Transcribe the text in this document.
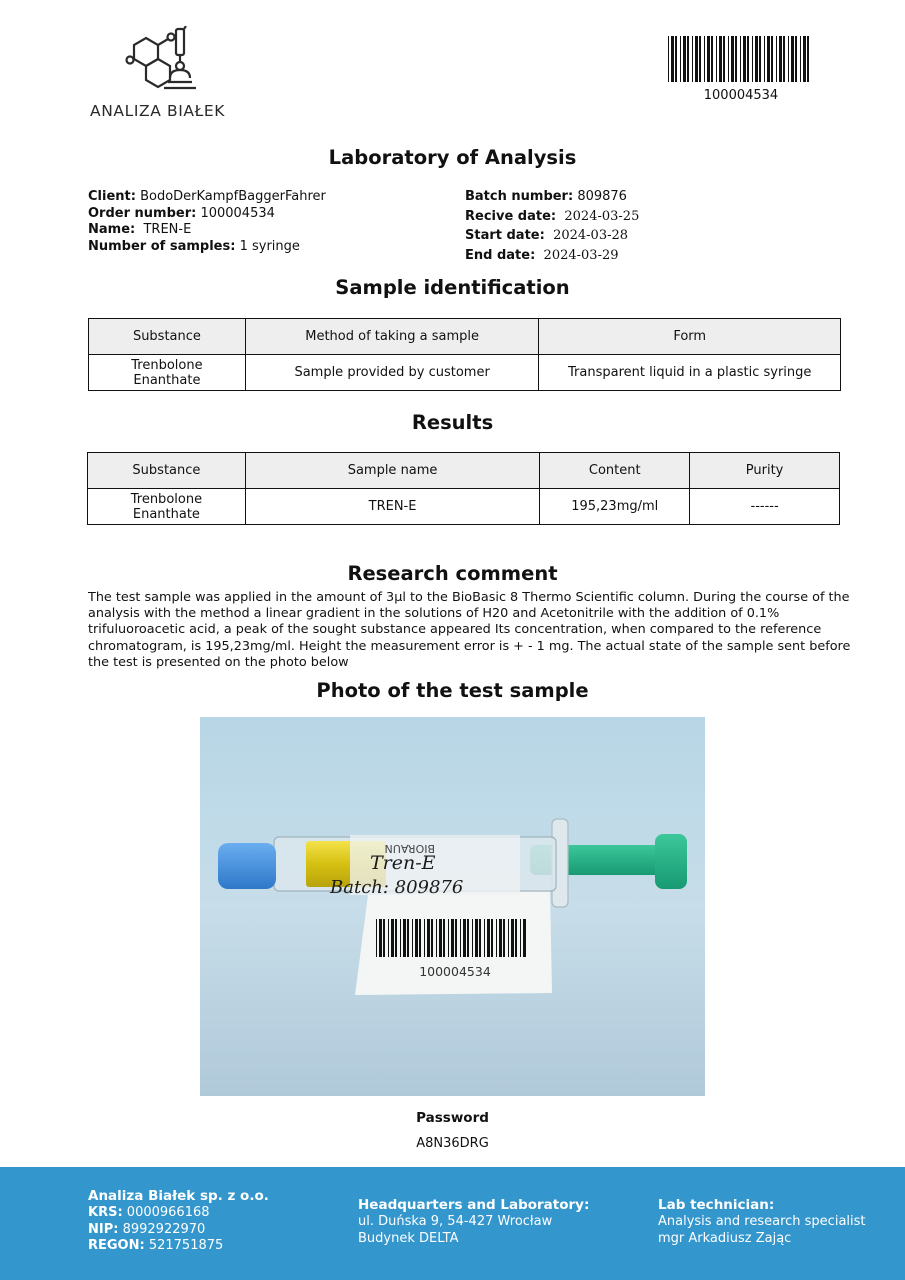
ANALIZA BIAŁEK
100004534
Laboratory of Analysis
Client: BodoDerKampfBaggerFahrer
Order number: 100004534
Name: TREN-E
Number of samples: 1 syringe
Batch number: 809876
Recive date: 2024-03-25
Start date: 2024-03-28
End date: 2024-03-29
Sample identification
Substance	Method of taking a sample	Form
Trenbolone Enanthate	Sample provided by customer	Transparent liquid in a plastic syringe
Results
Substance	Sample name	Content	Purity
Trenbolone Enanthate	TREN-E	195,23mg/ml	------
Research comment
The test sample was applied in the amount of 3µl to the BioBasic 8 Thermo Scientific column. During the course of the analysis with the method a linear gradient in the solutions of H20 and Acetonitrile with the addition of 0.1% trifuluoroacetic acid, a peak of the sought substance appeared Its concentration, when compared to the reference chromatogram, is 195,23mg/ml. Height the measurement error is + - 1 mg. The actual state of the sample sent before the test is presented on the photo below
Photo of the test sample
100004534
BIORAUN
Tren-E
Batch: 809876
Password
A8N36DRG
Analiza Białek sp. z o.o.
KRS: 0000966168
NIP: 8992922970
REGON: 521751875
Headquarters and Laboratory:
ul. Duńska 9, 54-427 Wrocław
Budynek DELTA
Lab technician:
Analysis and research specialist
mgr Arkadiusz Zając
